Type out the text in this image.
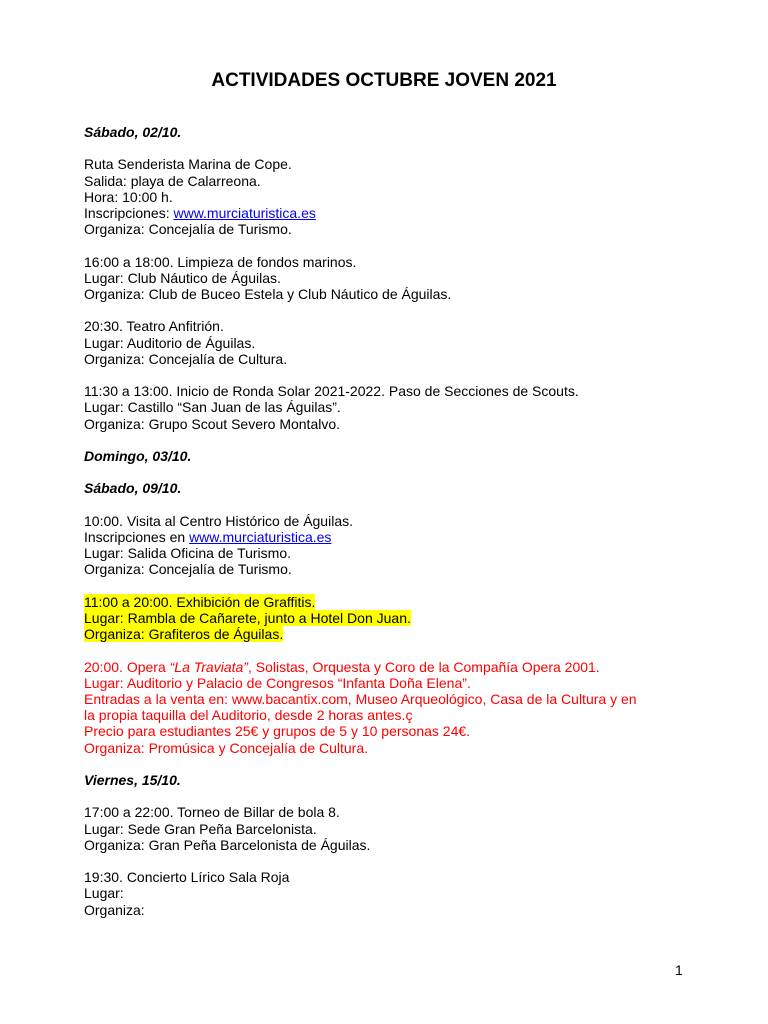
ACTIVIDADES OCTUBRE JOVEN 2021
Sábado, 02/10.
Ruta Senderista Marina de Cope.
Salida: playa de Calarreona.
Hora: 10:00 h.
Inscripciones: www.murciaturistica.es
Organiza: Concejalía de Turismo.
16:00 a 18:00. Limpieza de fondos marinos.
Lugar: Club Náutico de Águilas.
Organiza: Club de Buceo Estela y Club Náutico de Águilas.
20:30. Teatro Anfitrión.
Lugar: Auditorio de Águilas.
Organiza: Concejalía de Cultura.
11:30 a 13:00. Inicio de Ronda Solar 2021-2022. Paso de Secciones de Scouts.
Lugar: Castillo “San Juan de las Águilas”.
Organiza: Grupo Scout Severo Montalvo.
Domingo, 03/10.
Sábado, 09/10.
10:00. Visita al Centro Histórico de Águilas.
Inscripciones en www.murciaturistica.es
Lugar: Salida Oficina de Turismo.
Organiza: Concejalía de Turismo.
11:00 a 20:00. Exhibición de Graffitis.
Lugar: Rambla de Cañarete, junto a Hotel Don Juan.
Organiza: Grafiteros de Águilas.
20:00. Opera “La Traviata”, Solistas, Orquesta y Coro de la Compañía Opera 2001.
Lugar: Auditorio y Palacio de Congresos “Infanta Doña Elena”.
Entradas a la venta en: www.bacantix.com, Museo Arqueológico, Casa de la Cultura y en
la propia taquilla del Auditorio, desde 2 horas antes.ç
Precio para estudiantes 25€ y grupos de 5 y 10 personas 24€.
Organiza: Promúsica y Concejalía de Cultura.
Viernes, 15/10.
17:00 a 22:00. Torneo de Billar de bola 8.
Lugar: Sede Gran Peña Barcelonista.
Organiza: Gran Peña Barcelonista de Águilas.
19:30. Concierto Lírico Sala Roja
Lugar:
Organiza:
1
